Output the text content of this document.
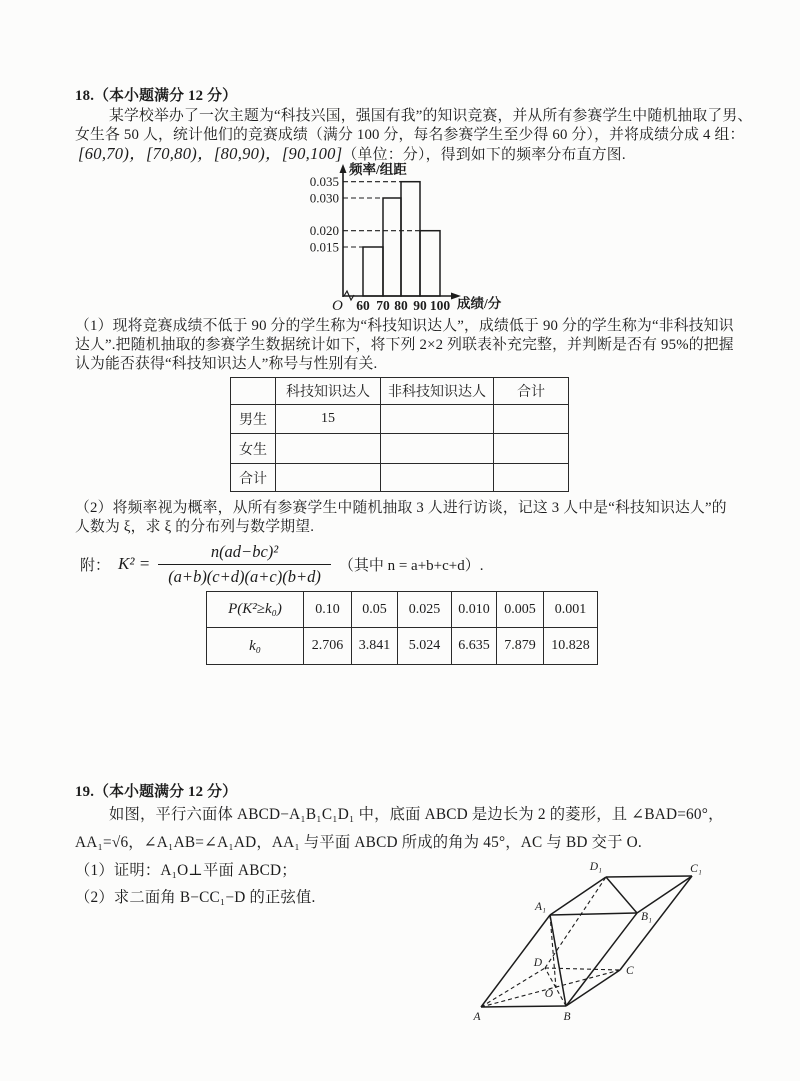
18.（本小题满分 12 分）
某学校举办了一次主题为“科技兴国，强国有我”的知识竞赛，并从所有参赛学生中随机抽取了男、
女生各 50 人，统计他们的竞赛成绩（满分 100 分，每名参赛学生至少得 60 分），并将成绩分成 4 组：
[60,70)，[70,80)，[80,90)，[90,100]（单位：分），得到如下的频率分布直方图.
0.015
0.020
0.030
0.035
60 70 80 90 100
频率/组距
O	成绩/分
（1）现将竞赛成绩不低于 90 分的学生称为“科技知识达人”，成绩低于 90 分的学生称为“非科技知识
达人”.把随机抽取的参赛学生数据统计如下，将下列 2×2 列联表补充完整，并判断是否有 95%的把握
认为能否获得“科技知识达人”称号与性别有关.
	科技知识达人	非科技知识达人	合计
男生	15		
女生			
合计			
（2）将频率视为概率，从所有参赛学生中随机抽取 3 人进行访谈，记这 3 人中是“科技知识达人”的
人数为 ξ，求 ξ 的分布列与数学期望.
附： $K^2 = \frac{\text{n(ad−bc)²}}{(a+b)(c+d)(a+c)(b+d)}$ （其中 n = a+b+c+d）.
P(K²≥k₀)	0.10	0.05	0.025	0.010	0.005	0.001
k₀	2.706	3.841	5.024	6.635	7.879	10.828
19.（本小题满分 12 分）
如图，平行六面体 ABCD−A₁B₁C₁D₁ 中，底面 ABCD 是边长为 2 的菱形，且 ∠BAD=60°，
AA₁=√6，∠A₁AB=∠A₁AD，AA₁ 与平面 ABCD 所成的角为 45°，AC 与 BD 交于 O.
（1）证明：A₁O⊥平面 ABCD；
（2）求二面角 B−CC₁−D 的正弦值.
A	B
C
D
O
A₁
B₁
C₁
D₁
